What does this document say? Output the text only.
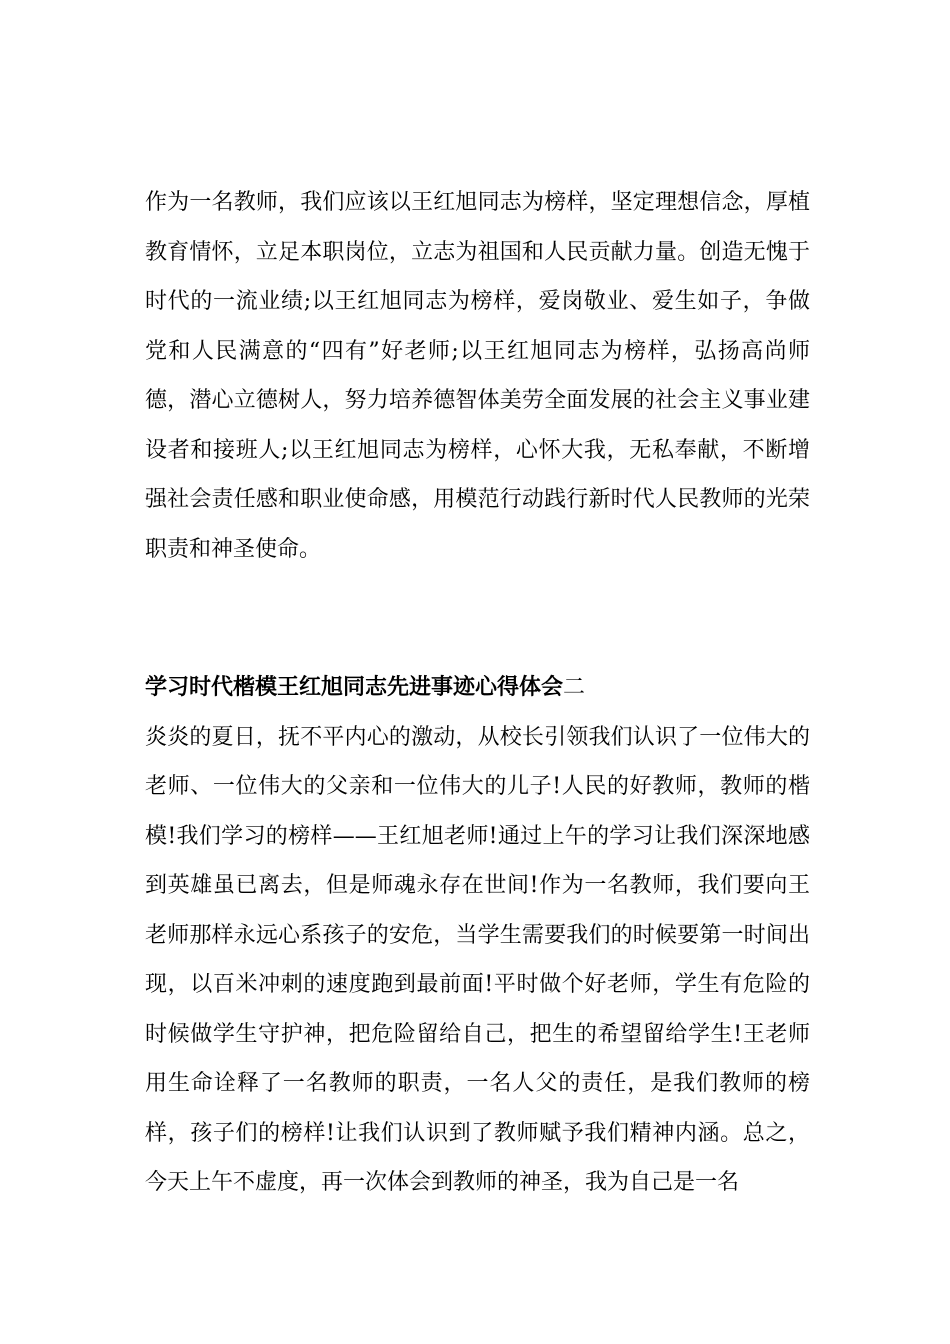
作为一名教师，我们应该以王红旭同志为榜样，坚定理想信念，厚植教育情怀，立足本职岗位，立志为祖国和人民贡献力量。创造无愧于时代的一流业绩;以王红旭同志为榜样，爱岗敬业、爱生如子，争做党和人民满意的“四有”好老师;以王红旭同志为榜样，弘扬高尚师德，潜心立德树人，努力培养德智体美劳全面发展的社会主义事业建设者和接班人;以王红旭同志为榜样，心怀大我，无私奉献，不断增强社会责任感和职业使命感，用模范行动践行新时代人民教师的光荣职责和神圣使命。

学习时代楷模王红旭同志先进事迹心得体会二

炎炎的夏日，抚不平内心的激动，从校长引领我们认识了一位伟大的老师、一位伟大的父亲和一位伟大的儿子!人民的好教师，教师的楷模!我们学习的榜样——王红旭老师!通过上午的学习让我们深深地感到英雄虽已离去，但是师魂永存在世间!作为一名教师，我们要向王老师那样永远心系孩子的安危，当学生需要我们的时候要第一时间出现，以百米冲刺的速度跑到最前面!平时做个好老师，学生有危险的时候做学生守护神，把危险留给自己，把生的希望留给学生!王老师用生命诠释了一名教师的职责，一名人父的责任，是我们教师的榜样，孩子们的榜样!让我们认识到了教师赋予我们精神内涵。总之，今天上午不虚度，再一次体会到教师的神圣，我为自己是一名
